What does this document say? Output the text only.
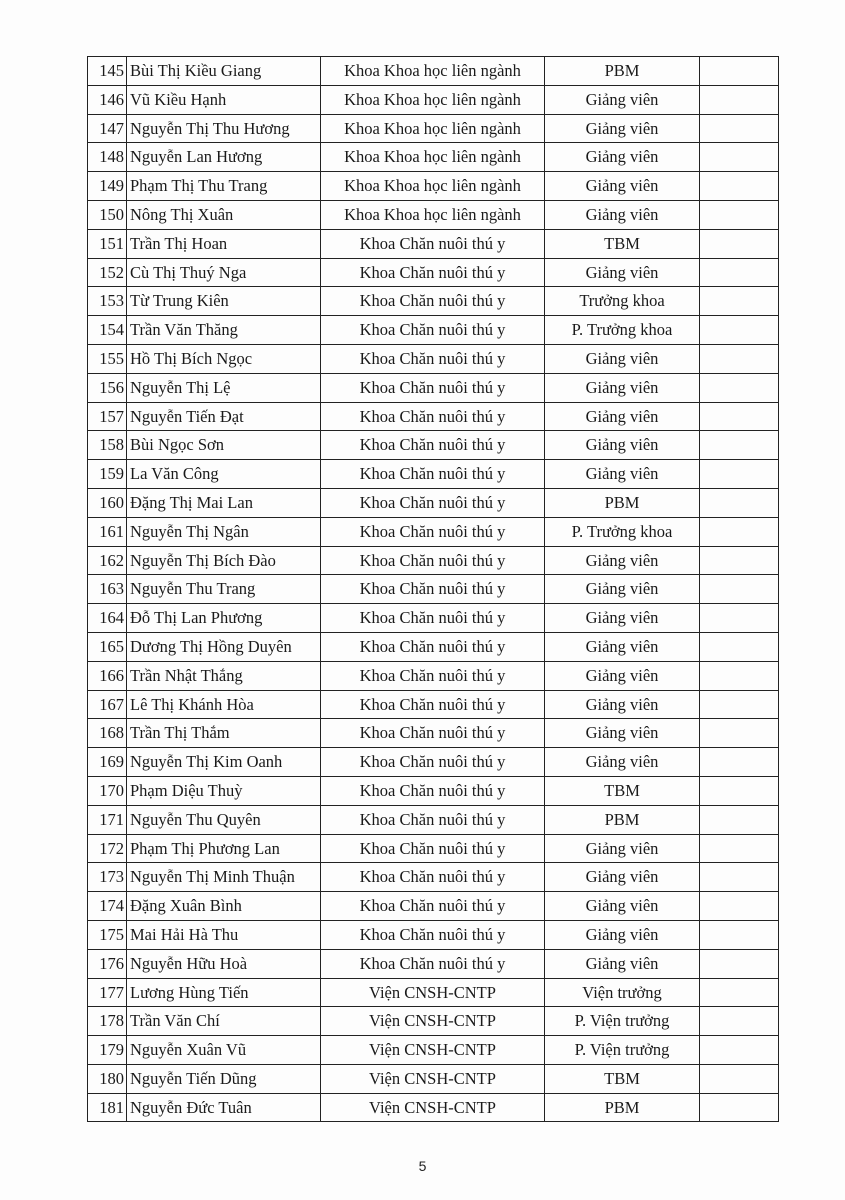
145	Bùi Thị Kiều Giang	Khoa Khoa học liên ngành	PBM	
146	Vũ Kiều Hạnh	Khoa Khoa học liên ngành	Giảng viên	
147	Nguyễn Thị Thu Hương	Khoa Khoa học liên ngành	Giảng viên	
148	Nguyễn Lan Hương	Khoa Khoa học liên ngành	Giảng viên	
149	Phạm Thị Thu Trang	Khoa Khoa học liên ngành	Giảng viên	
150	Nông Thị Xuân	Khoa Khoa học liên ngành	Giảng viên	
151	Trần Thị Hoan	Khoa Chăn nuôi thú y	TBM	
152	Cù Thị Thuý Nga	Khoa Chăn nuôi thú y	Giảng viên	
153	Từ Trung Kiên	Khoa Chăn nuôi thú y	Trưởng khoa	
154	Trần Văn Thăng	Khoa Chăn nuôi thú y	P. Trưởng khoa	
155	Hồ Thị Bích Ngọc	Khoa Chăn nuôi thú y	Giảng viên	
156	Nguyễn Thị Lệ	Khoa Chăn nuôi thú y	Giảng viên	
157	Nguyễn Tiến Đạt	Khoa Chăn nuôi thú y	Giảng viên	
158	Bùi Ngọc Sơn	Khoa Chăn nuôi thú y	Giảng viên	
159	La Văn Công	Khoa Chăn nuôi thú y	Giảng viên	
160	Đặng Thị Mai Lan	Khoa Chăn nuôi thú y	PBM	
161	Nguyễn Thị Ngân	Khoa Chăn nuôi thú y	P. Trưởng khoa	
162	Nguyễn Thị Bích Đào	Khoa Chăn nuôi thú y	Giảng viên	
163	Nguyễn Thu Trang	Khoa Chăn nuôi thú y	Giảng viên	
164	Đỗ Thị Lan Phương	Khoa Chăn nuôi thú y	Giảng viên	
165	Dương Thị Hồng Duyên	Khoa Chăn nuôi thú y	Giảng viên	
166	Trần Nhật Thắng	Khoa Chăn nuôi thú y	Giảng viên	
167	Lê Thị Khánh Hòa	Khoa Chăn nuôi thú y	Giảng viên	
168	Trần Thị Thắm	Khoa Chăn nuôi thú y	Giảng viên	
169	Nguyễn Thị Kim Oanh	Khoa Chăn nuôi thú y	Giảng viên	
170	Phạm Diệu Thuỳ	Khoa Chăn nuôi thú y	TBM	
171	Nguyễn Thu Quyên	Khoa Chăn nuôi thú y	PBM	
172	Phạm Thị Phương Lan	Khoa Chăn nuôi thú y	Giảng viên	
173	Nguyễn Thị Minh Thuận	Khoa Chăn nuôi thú y	Giảng viên	
174	Đặng Xuân Bình	Khoa Chăn nuôi thú y	Giảng viên	
175	Mai Hải Hà Thu	Khoa Chăn nuôi thú y	Giảng viên	
176	Nguyễn Hữu Hoà	Khoa Chăn nuôi thú y	Giảng viên	
177	Lương Hùng Tiến	Viện CNSH-CNTP	Viện trưởng	
178	Trần Văn Chí	Viện CNSH-CNTP	P. Viện trưởng	
179	Nguyễn Xuân Vũ	Viện CNSH-CNTP	P. Viện trưởng	
180	Nguyễn Tiến Dũng	Viện CNSH-CNTP	TBM	
181	Nguyễn Đức Tuân	Viện CNSH-CNTP	PBM	
5
